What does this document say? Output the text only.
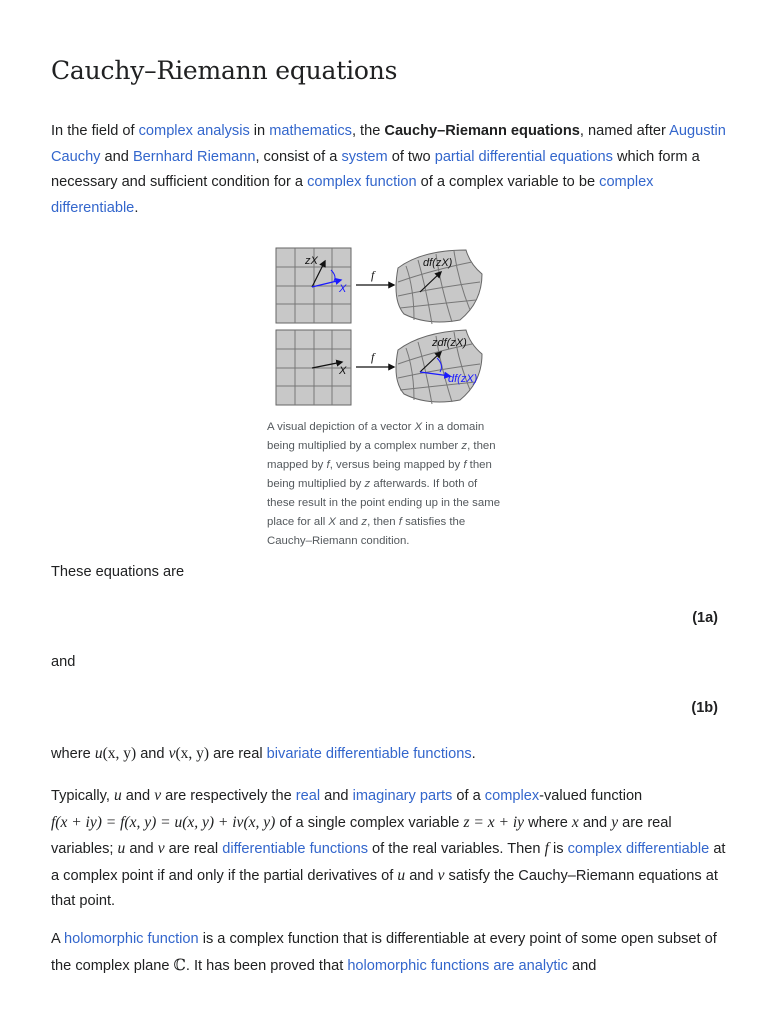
Cauchy–Riemann equations

In the field of complex analysis in mathematics, the Cauchy–Riemann equations, named after Augustin Cauchy and Bernhard Riemann, consist of a system of two partial differential equations which form a necessary and sufficient condition for a complex function of a complex variable to be complex differentiable.

zX
X
f
df(zX)
X
f
zdf(zX)
df(zX)

A visual depiction of a vector X in a domain being multiplied by a complex number z, then mapped by f, versus being mapped by f then being multiplied by z afterwards. If both of these result in the point ending up in the same place for all X and z, then f satisfies the Cauchy–Riemann condition.

These equations are

(1a)

and

(1b)

where u(x, y) and v(x, y) are real bivariate differentiable functions.

Typically, u and v are respectively the real and imaginary parts of a complex-valued function
f(x + iy) = f(x, y) = u(x, y) + iv(x, y) of a single complex variable z = x + iy where x and y are real variables; u and v are real differentiable functions of the real variables. Then f is complex differentiable at a complex point if and only if the partial derivatives of u and v satisfy the Cauchy–Riemann equations at that point.

A holomorphic function is a complex function that is differentiable at every point of some open subset of the complex plane ℂ. It has been proved that holomorphic functions are analytic and
